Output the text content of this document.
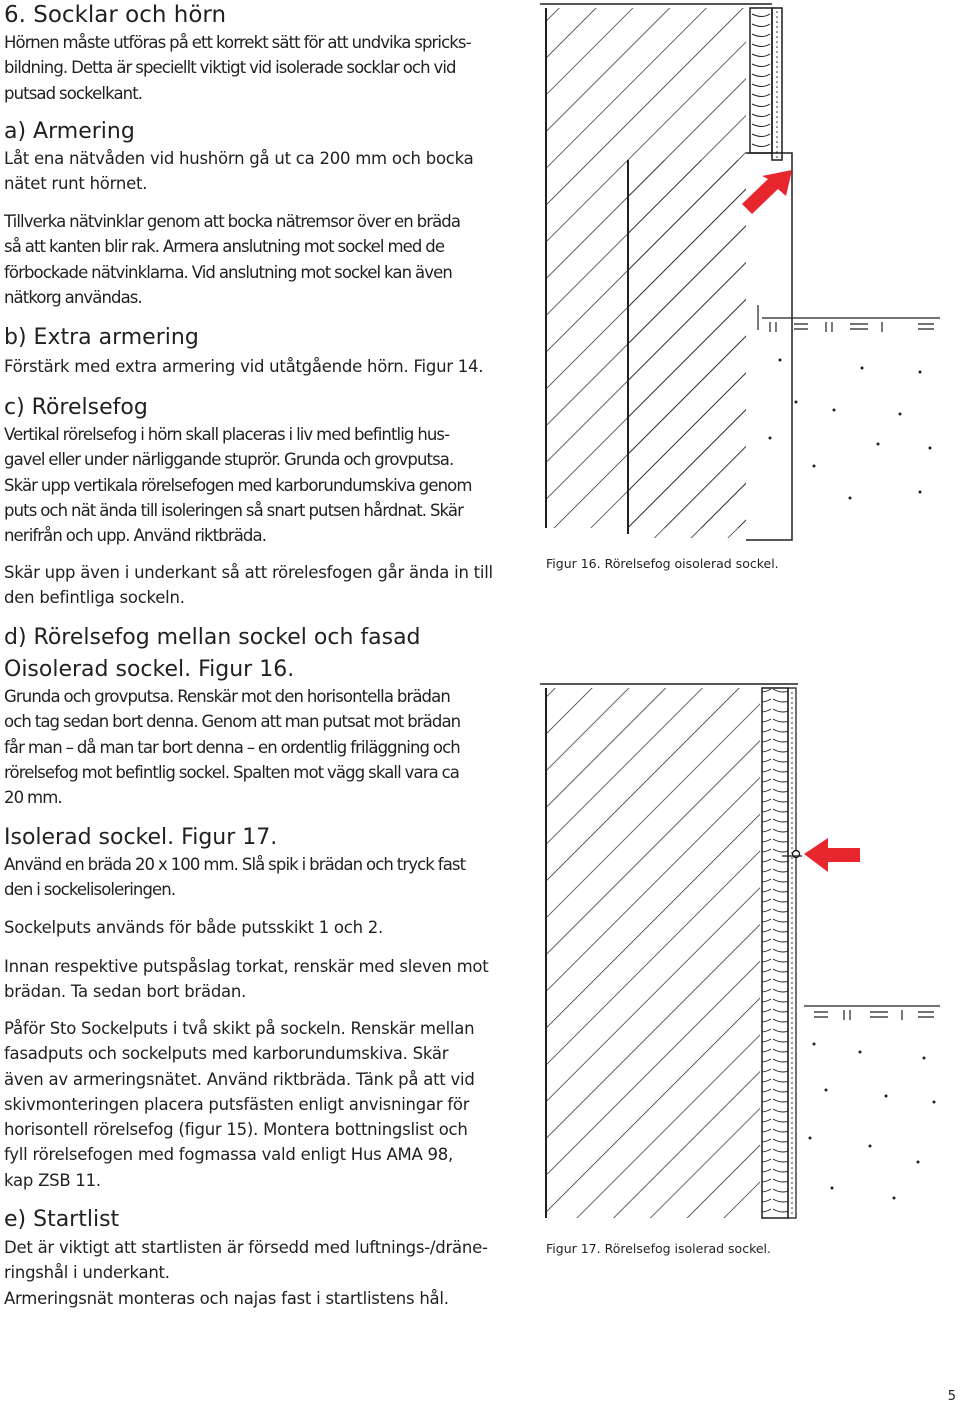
6. Socklar och hörn
Hörnen måste utföras på ett korrekt sätt för att undvika spricks-
bildning. Detta är speciellt viktigt vid isolerade socklar och vid
putsad sockelkant.
a) Armering
Låt ena nätvåden vid hushörn gå ut ca 200 mm och bocka
nätet runt hörnet.
Tillverka nätvinklar genom att bocka nätremsor över en bräda
så att kanten blir rak. Armera anslutning mot sockel med de
förbockade nätvinklarna. Vid anslutning mot sockel kan även
nätkorg användas.
b) Extra armering
Förstärk med extra armering vid utåtgående hörn. Figur 14.
c) Rörelsefog
Vertikal rörelsefog i hörn skall placeras i liv med befintlig hus-
gavel eller under närliggande stuprör. Grunda och grovputsa.
Skär upp vertikala rörelsefogen med karborundumskiva genom
puts och nät ända till isoleringen så snart putsen hårdnat. Skär
nerifrån och upp. Använd riktbräda.
Skär upp även i underkant så att rörelesfogen går ända in till
den befintliga sockeln.
d) Rörelsefog mellan sockel och fasad
Oisolerad sockel. Figur 16.
Grunda och grovputsa. Renskär mot den horisontella brädan
och tag sedan bort denna. Genom att man putsat mot brädan
får man – då man tar bort denna – en ordentlig friläggning och
rörelsefog mot befintlig sockel. Spalten mot vägg skall vara ca
20 mm.
Isolerad sockel. Figur 17.
Använd en bräda 20 x 100 mm. Slå spik i brädan och tryck fast
den i sockelisoleringen.
Sockelputs används för både putsskikt 1 och 2.
Innan respektive putspåslag torkat, renskär med sleven mot
brädan. Ta sedan bort brädan.
Påför Sto Sockelputs i två skikt på sockeln. Renskär mellan
fasadputs och sockelputs med karborundumskiva. Skär
även av armeringsnätet. Använd riktbräda. Tänk på att vid
skivmonteringen placera putsfästen enligt anvisningar för
horisontell rörelsefog (figur 15). Montera bottningslist och
fyll rörelsefogen med fogmassa vald enligt Hus AMA 98,
kap ZSB 11.
e) Startlist
Det är viktigt att startlisten är försedd med luftnings-/dräne-
ringshål i underkant.
Armeringsnät monteras och najas fast i startlistens hål.
Figur 16. Rörelsefog oisolerad sockel.
Figur 17. Rörelsefog isolerad sockel.
5
